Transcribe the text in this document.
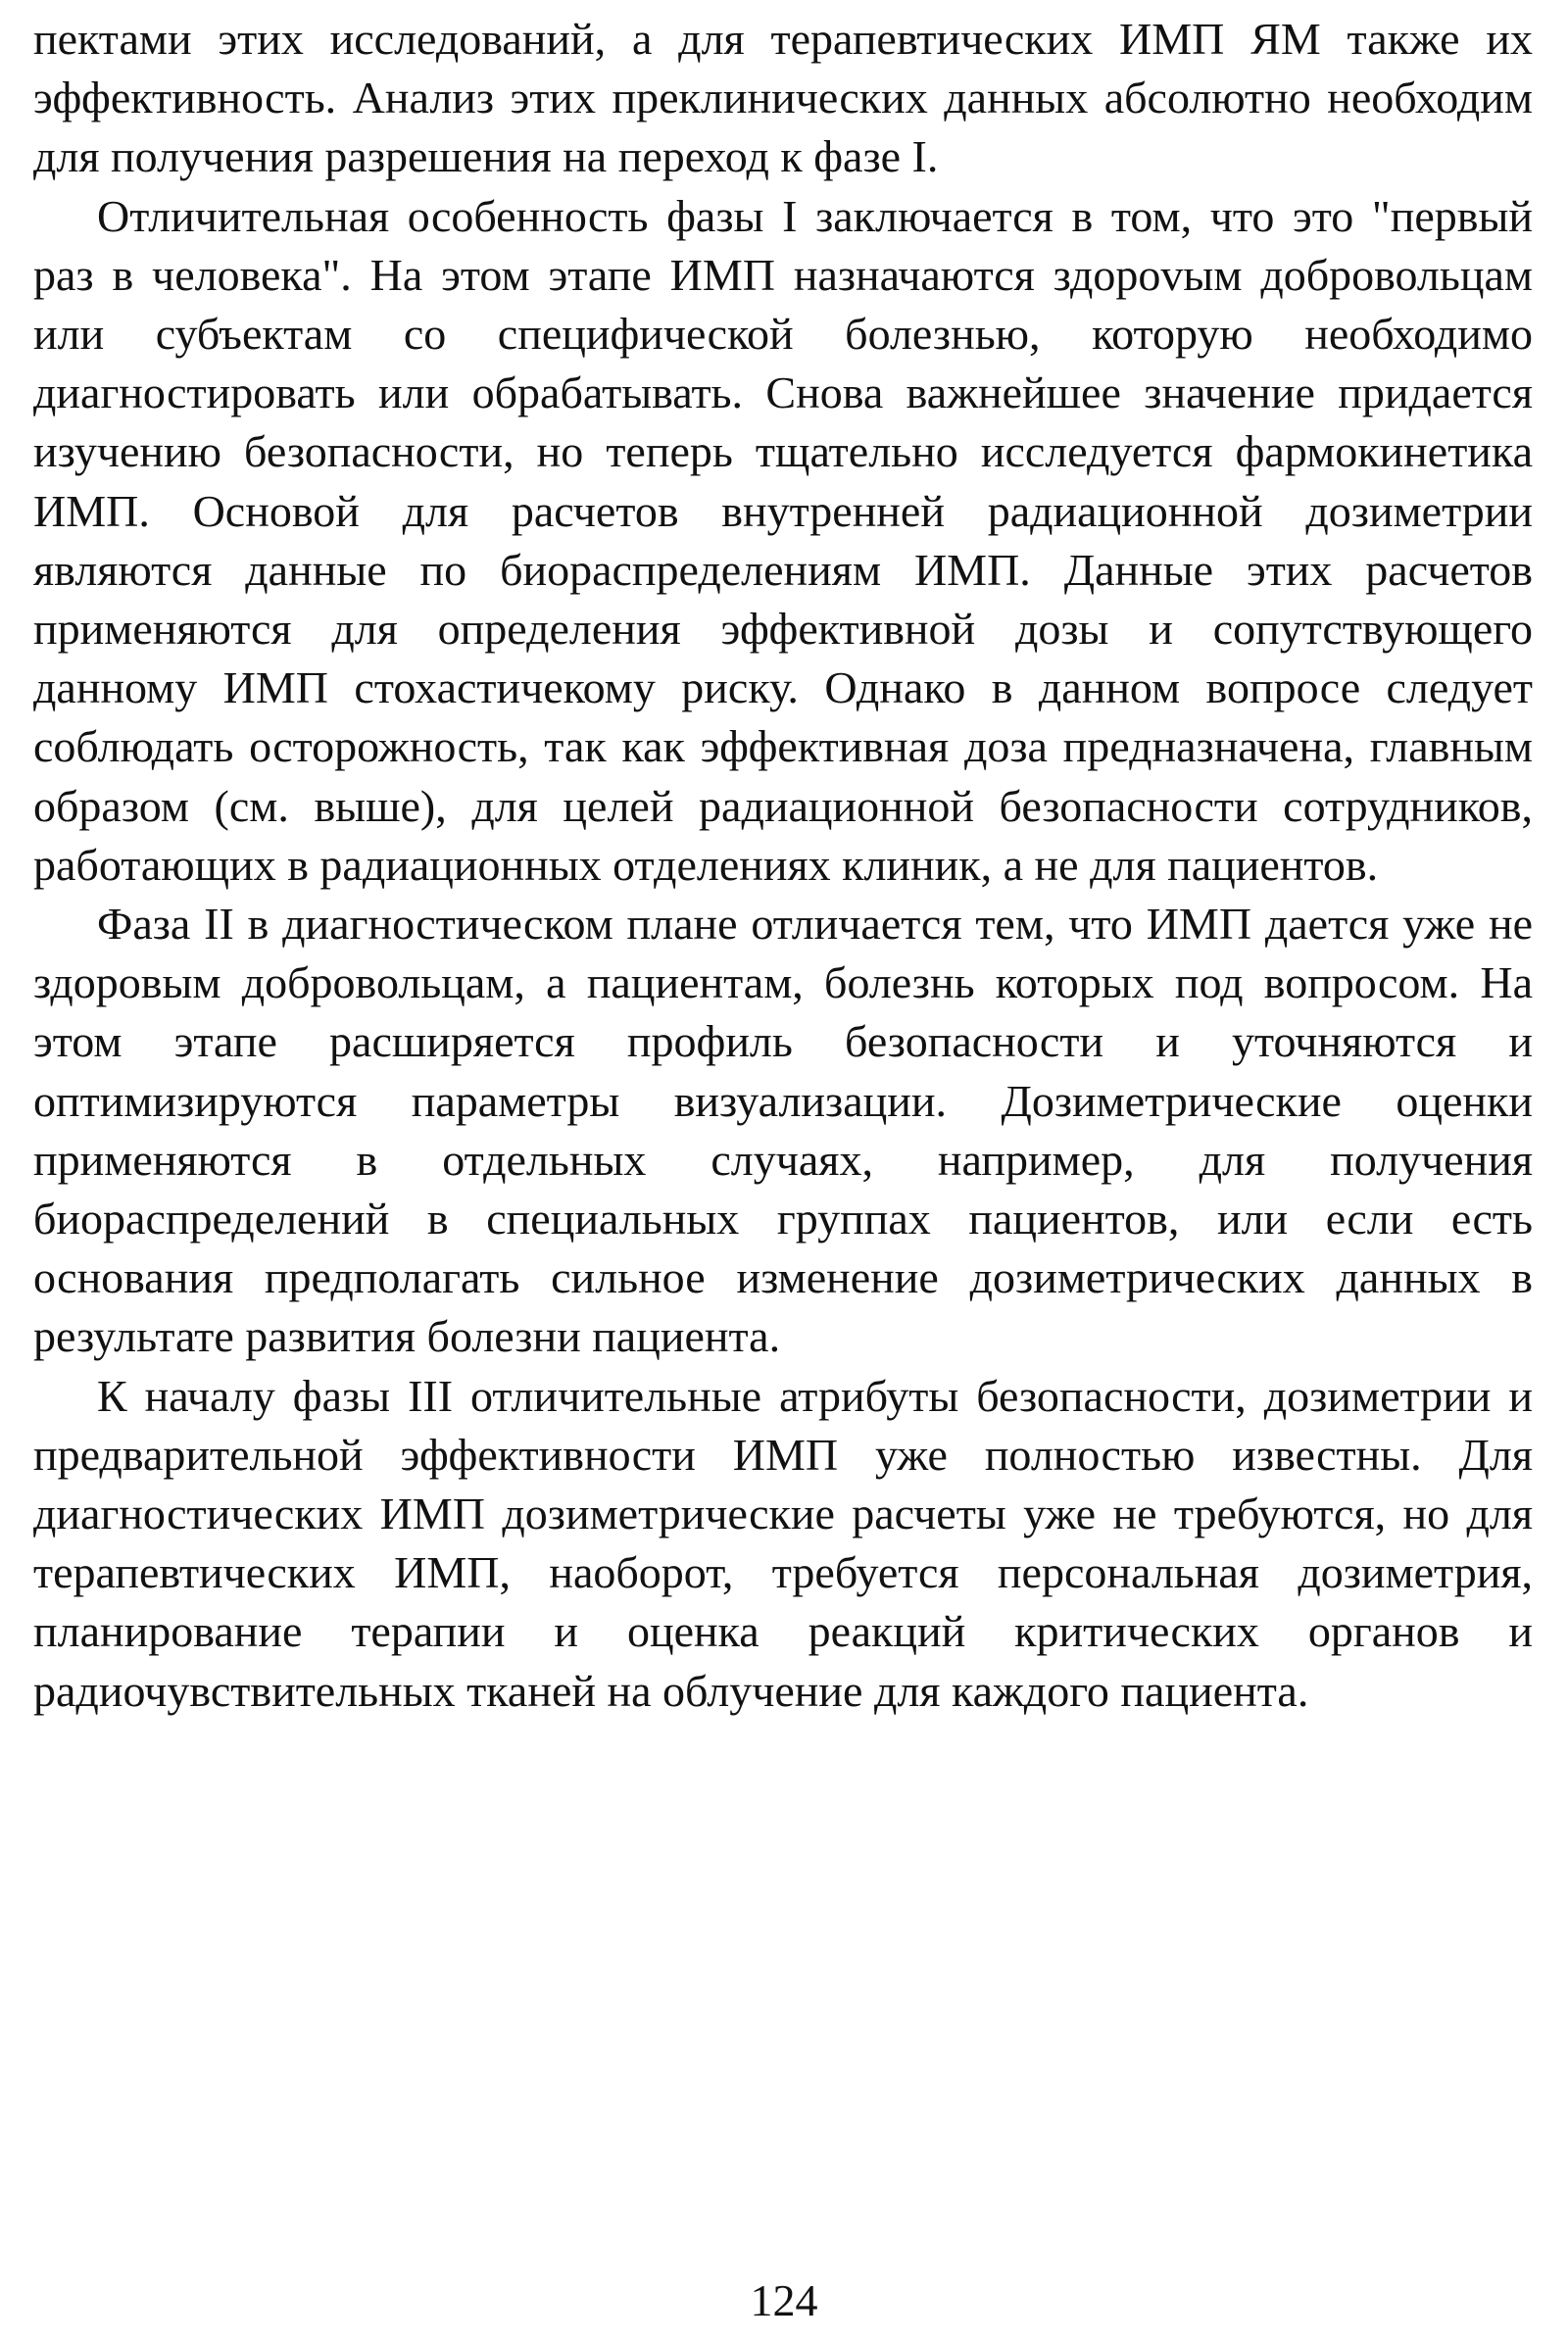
пектами этих исследований, а для терапевтических ИМП ЯМ также их эффективность. Анализ этих преклинических данных абсолютно необходим для получения разрешения на переход к фазе I.

Отличительная особенность фазы I заключается в том, что это "первый раз в человека". На этом этапе ИМП назначаются здороvым добровольцам или субъектам со специфической болезнью, которую необходимо диагностировать или обрабатывать. Снова важнейшее значение придается изучению безопасности, но теперь тщательно исследуется фармокинетика ИМП. Основой для расчетов внутренней радиационной дозиметрии являются данные по биораспределениям ИМП. Данные этих расчетов применяются для определения эффективной дозы и сопутствующего данному ИМП стохастичекому риску. Однако в данном вопросе следует соблюдать осторожность, так как эффективная доза предназначена, главным образом (см. выше), для целей радиационной безопасности сотрудников, работающих в радиационных отделениях клиник, а не для пациентов.

Фаза II в диагностическом плане отличается тем, что ИМП дается уже не здоровым добровольцам, а пациентам, болезнь которых под вопросом. На этом этапе расширяется профиль безопасности и уточняются и оптимизируются параметры визуализации. Дозиметрические оценки применяются в отдельных случаях, например, для получения биораспределений в специальных группах пациентов, или если есть основания предполагать сильное изменение дозиметрических данных в результате развития болезни пациента.

К началу фазы III отличительные атрибуты безопасности, дозиметрии и предварительной эффективности ИМП уже полностью известны. Для диагностических ИМП дозиметрические расчеты уже не требуются, но для терапевтических ИМП, наоборот, требуется персональная дозиметрия, планирование терапии и оценка реакций критических органов и радиочувствительных тканей на облучение для каждого пациента.

124
